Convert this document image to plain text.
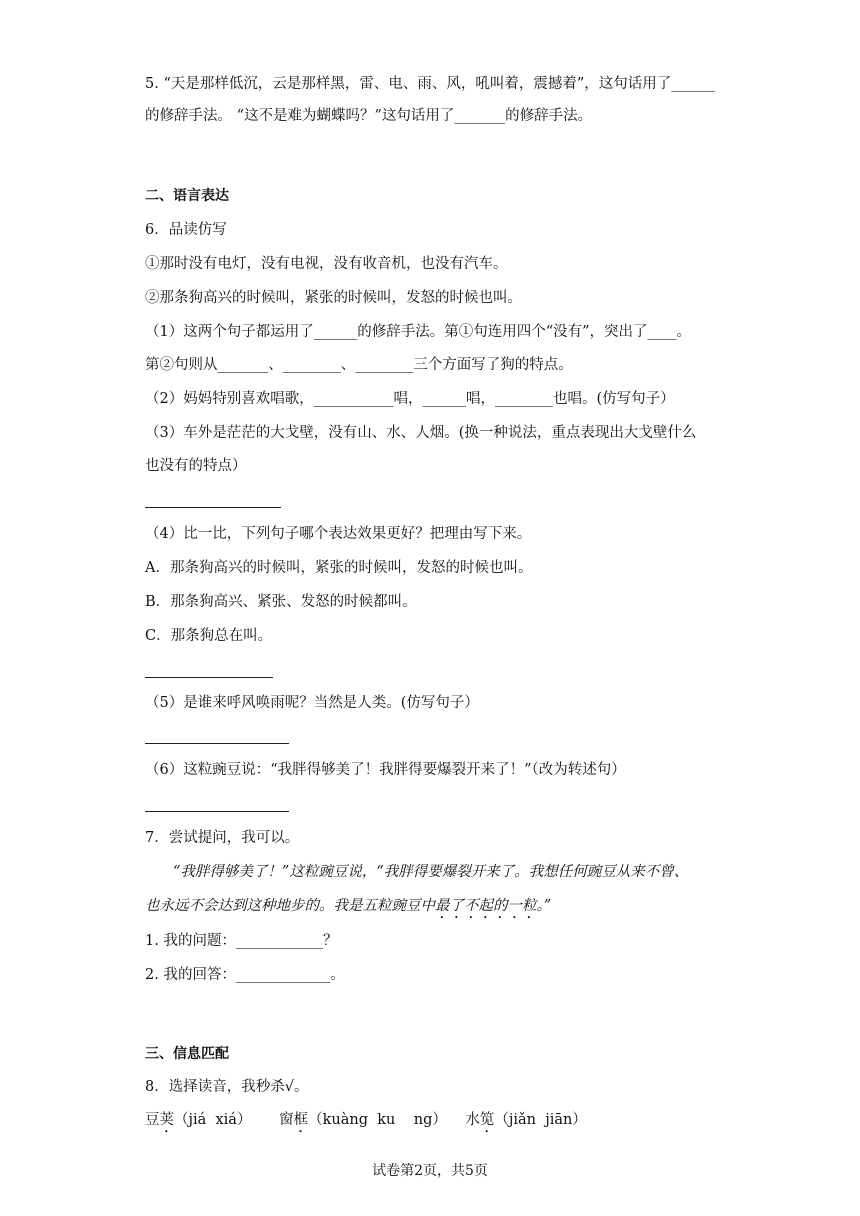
5. “天是那样低沉，云是那样黑，雷、电、雨、风，吼叫着，震撼着”，这句话用了______
的修辞手法。 “这不是难为蝴蝶吗？”这句话用了_______的修辞手法。
二、语言表达
6．品读仿写
①那时没有电灯，没有电视，没有收音机，也没有汽车。
②那条狗高兴的时候叫，紧张的时候叫，发怒的时候也叫。
（1）这两个句子都运用了______的修辞手法。第①句连用四个“没有”，突出了____。
第②句则从_______、________、________三个方面写了狗的特点。
（2）妈妈特别喜欢唱歌，___________唱，______唱，________也唱。(仿写句子）
（3）车外是茫茫的大戈壁，没有山、水、人烟。(换一种说法，重点表现出大戈壁什么
也没有的特点）
（4）比一比，下列句子哪个表达效果更好？把理由写下来。
A．那条狗高兴的时候叫，紧张的时候叫，发怒的时候也叫。
B．那条狗高兴、紧张、发怒的时候都叫。
C．那条狗总在叫。
（5）是谁来呼风唤雨呢？当然是人类。(仿写句子）
（6）这粒豌豆说：“我胖得够美了！我胖得要爆裂开来了！”（改为转述句）
7．尝试提问，我可以。
“我胖得够美了！”这粒豌豆说，“我胖得要爆裂开来了。我想任何豌豆从来不曾、
也永远不会达到这种地步的。我是五粒豌豆中最了不起的一粒。”
1. 我的问题：____________？
2. 我的回答：_____________。
三、信息匹配
8．选择读音，我秒杀√。
豆荚（jiá  xiá） 窗框（kuàng  ku    ng） 水笕（jiǎn  jiān）
试卷第2页，共5页
